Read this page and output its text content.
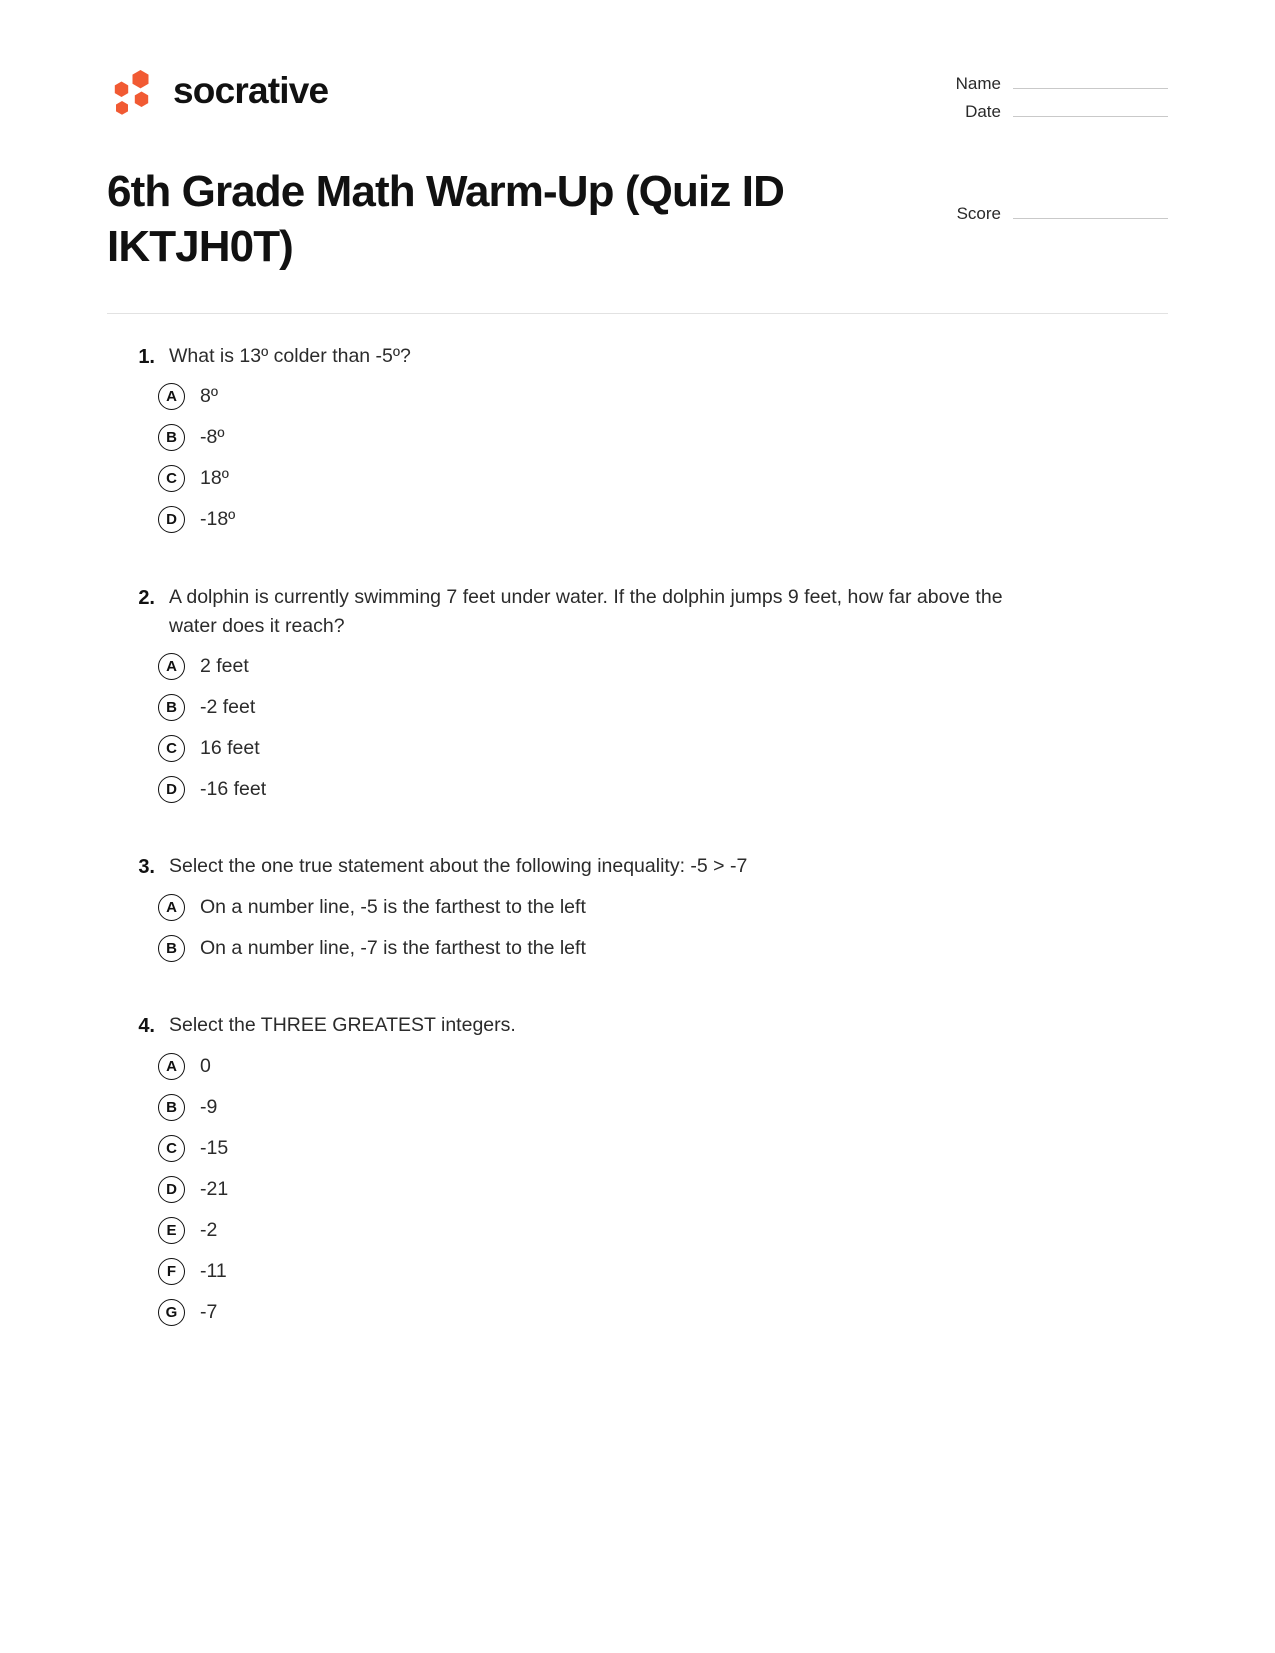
socrative	Name
Date
6th Grade Math Warm-Up (Quiz ID IKTJH0T)
Score
1. What is 13º colder than -5º?
A	8º
B	-8º
C	18º
D	-18º
2. A dolphin is currently swimming 7 feet under water. If the dolphin jumps 9 feet, how far above the water does it reach?
A	2 feet
B	-2 feet
C	16 feet
D	-16 feet
3. Select the one true statement about the following inequality: -5 > -7
A	On a number line, -5 is the farthest to the left
B	On a number line, -7 is the farthest to the left
4. Select the THREE GREATEST integers.
A	0
B	-9
C	-15
D	-21
E	-2
F	-11
G	-7
